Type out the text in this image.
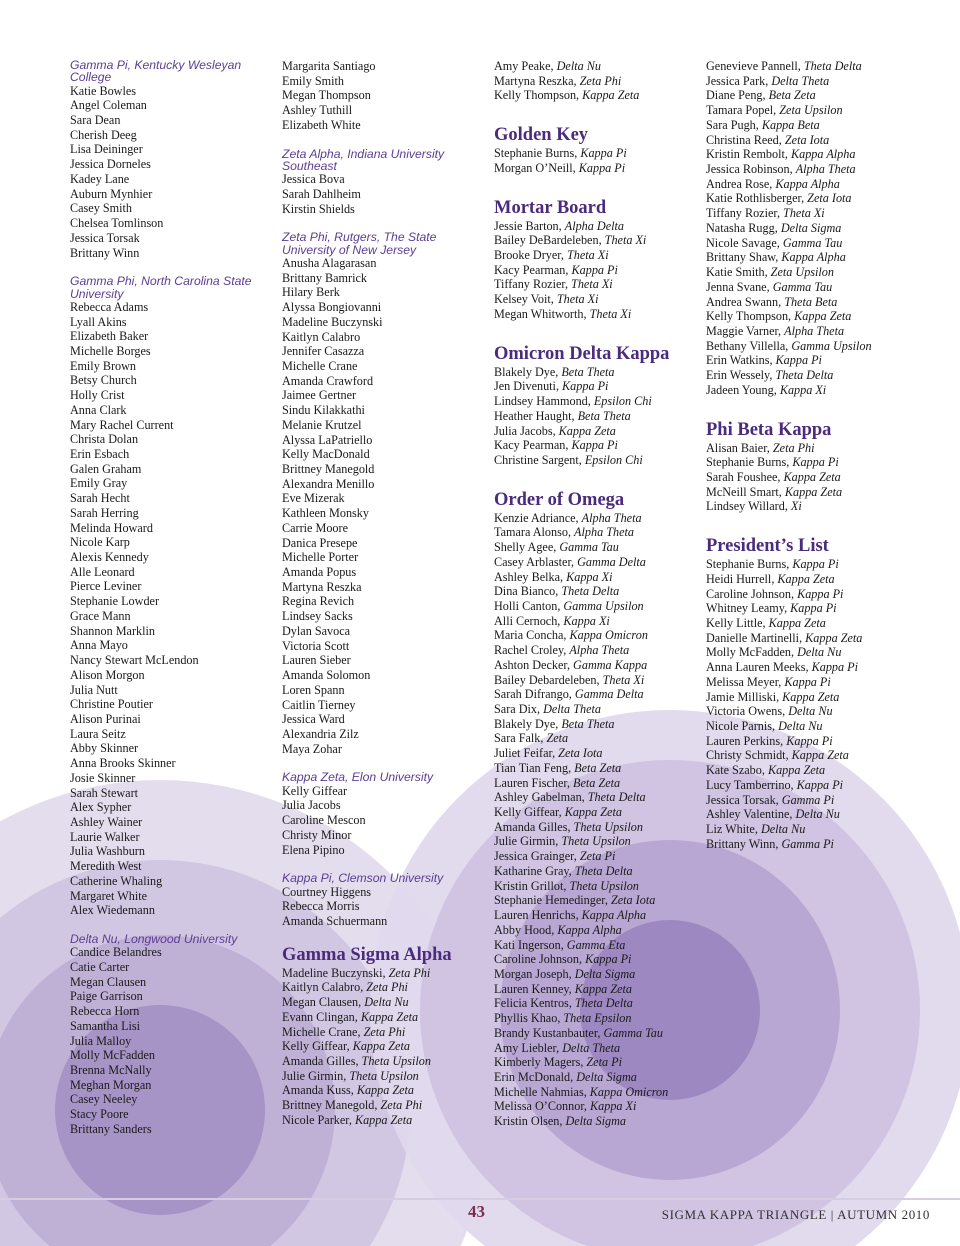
Gamma Pi, Kentucky Wesleyan
College
Katie Bowles
Angel Coleman
Sara Dean
Cherish Deeg
Lisa Deininger
Jessica Dorneles
Kadey Lane
Auburn Mynhier
Casey Smith
Chelsea Tomlinson
Jessica Torsak
Brittany Winn
Gamma Phi, North Carolina State
University
Rebecca Adams
Lyall Akins
Elizabeth Baker
Michelle Borges
Emily Brown
Betsy Church
Holly Crist
Anna Clark
Mary Rachel Current
Christa Dolan
Erin Esbach
Galen Graham
Emily Gray
Sarah Hecht
Sarah Herring
Melinda Howard
Nicole Karp
Alexis Kennedy
Alle Leonard
Pierce Leviner
Stephanie Lowder
Grace Mann
Shannon Marklin
Anna Mayo
Nancy Stewart McLendon
Alison Morgon
Julia Nutt
Christine Poutier
Alison Purinai
Laura Seitz
Abby Skinner
Anna Brooks Skinner
Josie Skinner
Sarah Stewart
Alex Sypher
Ashley Wainer
Laurie Walker
Julia Washburn
Meredith West
Catherine Whaling
Margaret White
Alex Wiedemann
Delta Nu, Longwood University
Candice Belandres
Catie Carter
Megan Clausen
Paige Garrison
Rebecca Horn
Samantha Lisi
Julia Malloy
Molly McFadden
Brenna McNally
Meghan Morgan
Casey Neeley
Stacy Poore
Brittany Sanders
Margarita Santiago
Emily Smith
Megan Thompson
Ashley Tuthill
Elizabeth White
Zeta Alpha, Indiana University
Southeast
Jessica Bova
Sarah Dahlheim
Kirstin Shields
Zeta Phi, Rutgers, The State
University of New Jersey
Anusha Alagarasan
Brittany Bamrick
Hilary Berk
Alyssa Bongiovanni
Madeline Buczynski
Kaitlyn Calabro
Jennifer Casazza
Michelle Crane
Amanda Crawford
Jaimee Gertner
Sindu Kilakkathi
Melanie Krutzel
Alyssa LaPatriello
Kelly MacDonald
Brittney Manegold
Alexandra Menillo
Eve Mizerak
Kathleen Monsky
Carrie Moore
Danica Presepe
Michelle Porter
Amanda Popus
Martyna Reszka
Regina Revich
Lindsey Sacks
Dylan Savoca
Victoria Scott
Lauren Sieber
Amanda Solomon
Loren Spann
Caitlin Tierney
Jessica Ward
Alexandria Zilz
Maya Zohar
Kappa Zeta, Elon University
Kelly Giffear
Julia Jacobs
Caroline Mescon
Christy Minor
Elena Pipino
Kappa Pi, Clemson University
Courtney Higgens
Rebecca Morris
Amanda Schuermann
Gamma Sigma Alpha
Madeline Buczynski, Zeta Phi
Kaitlyn Calabro, Zeta Phi
Megan Clausen, Delta Nu
Evann Clingan, Kappa Zeta
Michelle Crane, Zeta Phi
Kelly Giffear, Kappa Zeta
Amanda Gilles, Theta Upsilon
Julie Girmin, Theta Upsilon
Amanda Kuss, Kappa Zeta
Brittney Manegold, Zeta Phi
Nicole Parker, Kappa Zeta
Amy Peake, Delta Nu
Martyna Reszka, Zeta Phi
Kelly Thompson, Kappa Zeta
Golden Key
Stephanie Burns, Kappa Pi
Morgan O’Neill, Kappa Pi
Mortar Board
Jessie Barton, Alpha Delta
Bailey DeBardeleben, Theta Xi
Brooke Dryer, Theta Xi
Kacy Pearman, Kappa Pi
Tiffany Rozier, Theta Xi
Kelsey Voit, Theta Xi
Megan Whitworth, Theta Xi
Omicron Delta Kappa
Blakely Dye, Beta Theta
Jen Divenuti, Kappa Pi
Lindsey Hammond, Epsilon Chi
Heather Haught, Beta Theta
Julia Jacobs, Kappa Zeta
Kacy Pearman, Kappa Pi
Christine Sargent, Epsilon Chi
Order of Omega
Kenzie Adriance, Alpha Theta
Tamara Alonso, Alpha Theta
Shelly Agee, Gamma Tau
Casey Arblaster, Gamma Delta
Ashley Belka, Kappa Xi
Dina Bianco, Theta Delta
Holli Canton, Gamma Upsilon
Alli Cernoch, Kappa Xi
Maria Concha, Kappa Omicron
Rachel Croley, Alpha Theta
Ashton Decker, Gamma Kappa
Bailey Debardeleben, Theta Xi
Sarah Difrango, Gamma Delta
Sara Dix, Delta Theta
Blakely Dye, Beta Theta
Sara Falk, Zeta
Juliet Feifar, Zeta Iota
Tian Tian Feng, Beta Zeta
Lauren Fischer, Beta Zeta
Ashley Gabelman, Theta Delta
Kelly Giffear, Kappa Zeta
Amanda Gilles, Theta Upsilon
Julie Girmin, Theta Upsilon
Jessica Grainger, Zeta Pi
Katharine Gray, Theta Delta
Kristin Grillot, Theta Upsilon
Stephanie Hemedinger, Zeta Iota
Lauren Henrichs, Kappa Alpha
Abby Hood, Kappa Alpha
Kati Ingerson, Gamma Eta
Caroline Johnson, Kappa Pi
Morgan Joseph, Delta Sigma
Lauren Kenney, Kappa Zeta
Felicia Kentros, Theta Delta
Phyllis Khao, Theta Epsilon
Brandy Kustanbauter, Gamma Tau
Amy Liebler, Delta Theta
Kimberly Magers, Zeta Pi
Erin McDonald, Delta Sigma
Michelle Nahmias, Kappa Omicron
Melissa O’Connor, Kappa Xi
Kristin Olsen, Delta Sigma
Genevieve Pannell, Theta Delta
Jessica Park, Delta Theta
Diane Peng, Beta Zeta
Tamara Popel, Zeta Upsilon
Sara Pugh, Kappa Beta
Christina Reed, Zeta Iota
Kristin Rembolt, Kappa Alpha
Jessica Robinson, Alpha Theta
Andrea Rose, Kappa Alpha
Katie Rothlisberger, Zeta Iota
Tiffany Rozier, Theta Xi
Natasha Rugg, Delta Sigma
Nicole Savage, Gamma Tau
Brittany Shaw, Kappa Alpha
Katie Smith, Zeta Upsilon
Jenna Svane, Gamma Tau
Andrea Swann, Theta Beta
Kelly Thompson, Kappa Zeta
Maggie Varner, Alpha Theta
Bethany Villella, Gamma Upsilon
Erin Watkins, Kappa Pi
Erin Wessely, Theta Delta
Jadeen Young, Kappa Xi
Phi Beta Kappa
Alisan Baier, Zeta Phi
Stephanie Burns, Kappa Pi
Sarah Foushee, Kappa Zeta
McNeill Smart, Kappa Zeta
Lindsey Willard, Xi
President’s List
Stephanie Burns, Kappa Pi
Heidi Hurrell, Kappa Zeta
Caroline Johnson, Kappa Pi
Whitney Leamy, Kappa Pi
Kelly Little, Kappa Zeta
Danielle Martinelli, Kappa Zeta
Molly McFadden, Delta Nu
Anna Lauren Meeks, Kappa Pi
Melissa Meyer, Kappa Pi
Jamie Milliski, Kappa Zeta
Victoria Owens, Delta Nu
Nicole Parnis, Delta Nu
Lauren Perkins, Kappa Pi
Christy Schmidt, Kappa Zeta
Kate Szabo, Kappa Zeta
Lucy Tamberrino, Kappa Pi
Jessica Torsak, Gamma Pi
Ashley Valentine, Delta Nu
Liz White, Delta Nu
Brittany Winn, Gamma Pi
43	SIGMA KAPPA TRIANGLE | AUTUMN 2010
